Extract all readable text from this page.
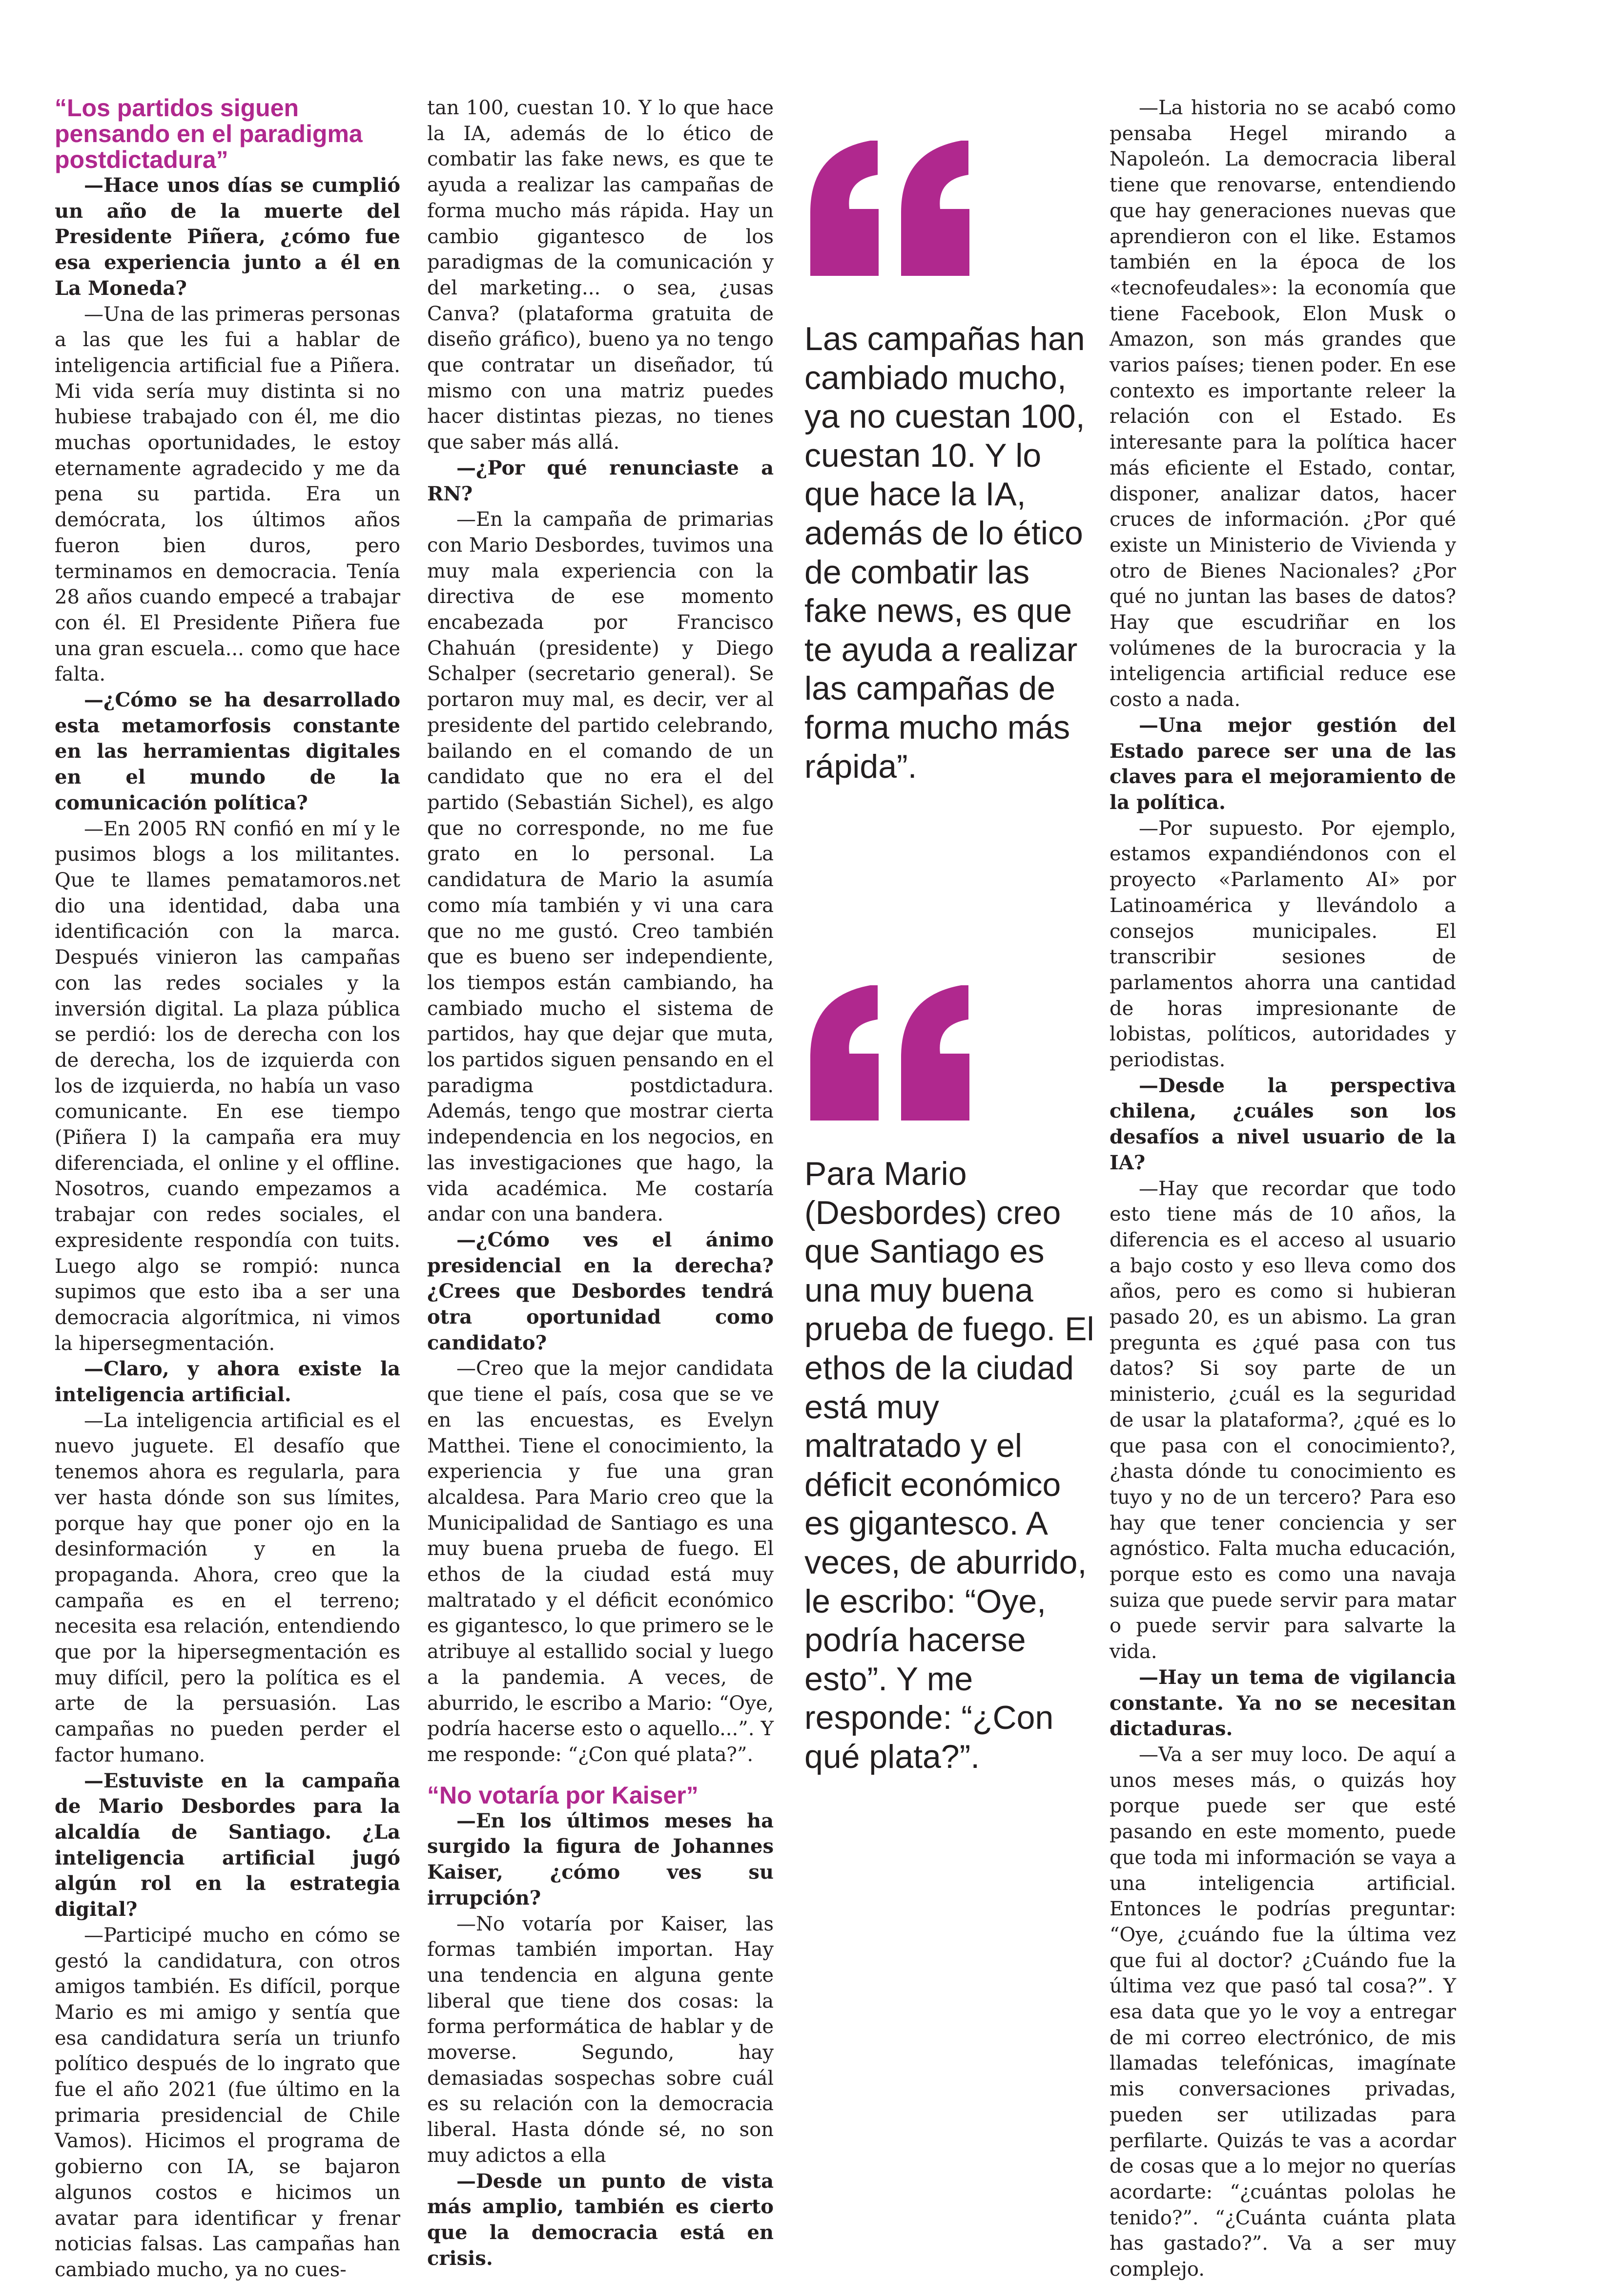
“Los partidos siguen pensando en el paradigma postdictadura”

—Hace unos días se cumplió un año de la muerte del Presidente Piñera, ¿cómo fue esa experiencia junto a él en La Moneda?

—Una de las primeras personas a las que les fui a hablar de inteligencia artificial fue a Piñera. Mi vida sería muy distinta si no hubiese trabajado con él, me dio muchas oportunidades, le estoy eternamente agradecido y me da pena su partida. Era un demócrata, los últimos años fueron bien duros, pero terminamos en democracia. Tenía 28 años cuando empecé a trabajar con él. El Presidente Piñera fue una gran escuela... como que hace falta.

—¿Cómo se ha desarrollado esta metamorfosis constante en las herramientas digitales en el mundo de la comunicación política?

—En 2005 RN confió en mí y le pusimos blogs a los militantes. Que te llames pematamoros.net dio una identidad, daba una identificación con la marca. Después vinieron las campañas con las redes sociales y la inversión digital. La plaza pública se perdió: los de derecha con los de derecha, los de izquierda con los de izquierda, no había un vaso comunicante. En ese tiempo (Piñera I) la campaña era muy diferenciada, el online y el offline. Nosotros, cuando empezamos a trabajar con redes sociales, el expresidente respondía con tuits. Luego algo se rompió: nunca supimos que esto iba a ser una democracia algorítmica, ni vimos la hipersegmentación.

—Claro, y ahora existe la inteligencia artificial.

—La inteligencia artificial es el nuevo juguete. El desafío que tenemos ahora es regularla, para ver hasta dónde son sus límites, porque hay que poner ojo en la desinformación y en la propaganda. Ahora, creo que la campaña es en el terreno; necesita esa relación, entendiendo que por la hipersegmentación es muy difícil, pero la política es el arte de la persuasión. Las campañas no pueden perder el factor humano.

—Estuviste en la campaña de Mario Desbordes para la alcaldía de Santiago. ¿La inteligencia artificial jugó algún rol en la estrategia digital?

—Participé mucho en cómo se gestó la candidatura, con otros amigos también. Es difícil, porque Mario es mi amigo y sentía que esa candidatura sería un triunfo político después de lo ingrato que fue el año 2021 (fue último en la primaria presidencial de Chile Vamos). Hicimos el programa de gobierno con IA, se bajaron algunos costos e hicimos un avatar para identificar y frenar noticias falsas. Las campañas han cambiado mucho, ya no cues-

tan 100, cuestan 10. Y lo que hace la IA, además de lo ético de combatir las fake news, es que te ayuda a realizar las campañas de forma mucho más rápida. Hay un cambio gigantesco de los paradigmas de la comunicación y del marketing... o sea, ¿usas Canva? (plataforma gratuita de diseño gráfico), bueno ya no tengo que contratar un diseñador, tú mismo con una matriz puedes hacer distintas piezas, no tienes que saber más allá.

—¿Por qué renunciaste a RN?

—En la campaña de primarias con Mario Desbordes, tuvimos una muy mala experiencia con la directiva de ese momento encabezada por Francisco Chahuán (presidente) y Diego Schalper (secretario general). Se portaron muy mal, es decir, ver al presidente del partido celebrando, bailando en el comando de un candidato que no era el del partido (Sebastián Sichel), es algo que no corresponde, no me fue grato en lo personal. La candidatura de Mario la asumía como mía también y vi una cara que no me gustó. Creo también que es bueno ser independiente, los tiempos están cambiando, ha cambiado mucho el sistema de partidos, hay que dejar que muta, los partidos siguen pensando en el paradigma postdictadura. Además, tengo que mostrar cierta independencia en los negocios, en las investigaciones que hago, la vida académica. Me costaría andar con una bandera.

—¿Cómo ves el ánimo presidencial en la derecha? ¿Crees que Desbordes tendrá otra oportunidad como candidato?

—Creo que la mejor candidata que tiene el país, cosa que se ve en las encuestas, es Evelyn Matthei. Tiene el conocimiento, la experiencia y fue una gran alcaldesa. Para Mario creo que la Municipalidad de Santiago es una muy buena prueba de fuego. El ethos de la ciudad está muy maltratado y el déficit económico es gigantesco, lo que primero se le atribuye al estallido social y luego a la pandemia. A veces, de aburrido, le escribo a Mario: “Oye, podría hacerse esto o aquello...”. Y me responde: “¿Con qué plata?”.

“No votaría por Kaiser”

—En los últimos meses ha surgido la figura de Johannes Kaiser, ¿cómo ves su irrupción?

—No votaría por Kaiser, las formas también importan. Hay una tendencia en alguna gente liberal que tiene dos cosas: la forma performática de hablar y de moverse. Segundo, hay demasiadas sospechas sobre cuál es su relación con la democracia liberal. Hasta dónde sé, no son muy adictos a ella

—Desde un punto de vista más amplio, también es cierto que la democracia está en crisis.

Las campañas han cambiado mucho, ya no cuestan 100, cuestan 10. Y lo que hace la IA, además de lo ético de combatir las fake news, es que te ayuda a realizar las campañas de forma mucho más rápida”.

Para Mario (Desbordes) creo que Santiago es una muy buena prueba de fuego. El ethos de la ciudad está muy maltratado y el déficit económico es gigantesco. A veces, de aburrido, le escribo: “Oye, podría hacerse esto”. Y me responde: “¿Con qué plata?”.

—La historia no se acabó como pensaba Hegel mirando a Napoleón. La democracia liberal tiene que renovarse, entendiendo que hay generaciones nuevas que aprendieron con el like. Estamos también en la época de los «tecnofeudales»: la economía que tiene Facebook, Elon Musk o Amazon, son más grandes que varios países; tienen poder. En ese contexto es importante releer la relación con el Estado. Es interesante para la política hacer más eficiente el Estado, contar, disponer, analizar datos, hacer cruces de información. ¿Por qué existe un Ministerio de Vivienda y otro de Bienes Nacionales? ¿Por qué no juntan las bases de datos? Hay que escudriñar en los volúmenes de la burocracia y la inteligencia artificial reduce ese costo a nada.

—Una mejor gestión del Estado parece ser una de las claves para el mejoramiento de la política.

—Por supuesto. Por ejemplo, estamos expandiéndonos con el proyecto «Parlamento AI» por Latinoamérica y llevándolo a consejos municipales. El transcribir sesiones de parlamentos ahorra una cantidad de horas impresionante de lobistas, políticos, autoridades y periodistas.

—Desde la perspectiva chilena, ¿cuáles son los desafíos a nivel usuario de la IA?

—Hay que recordar que todo esto tiene más de 10 años, la diferencia es el acceso al usuario a bajo costo y eso lleva como dos años, pero es como si hubieran pasado 20, es un abismo. La gran pregunta es ¿qué pasa con tus datos? Si soy parte de un ministerio, ¿cuál es la seguridad de usar la plataforma?, ¿qué es lo que pasa con el conocimiento?, ¿hasta dónde tu conocimiento es tuyo y no de un tercero? Para eso hay que tener conciencia y ser agnóstico. Falta mucha educación, porque esto es como una navaja suiza que puede servir para matar o puede servir para salvarte la vida.

—Hay un tema de vigilancia constante. Ya no se necesitan dictaduras.

—Va a ser muy loco. De aquí a unos meses más, o quizás hoy porque puede ser que esté pasando en este momento, puede que toda mi información se vaya a una inteligencia artificial. Entonces le podrías preguntar: “Oye, ¿cuándo fue la última vez que fui al doctor? ¿Cuándo fue la última vez que pasó tal cosa?”. Y esa data que yo le voy a entregar de mi correo electrónico, de mis llamadas telefónicas, imagínate mis conversaciones privadas, pueden ser utilizadas para perfilarte. Quizás te vas a acordar de cosas que a lo mejor no querías acordarte: “¿cuántas pololas he tenido?”. “¿Cuánta cuánta plata has gastado?”. Va a ser muy complejo.
